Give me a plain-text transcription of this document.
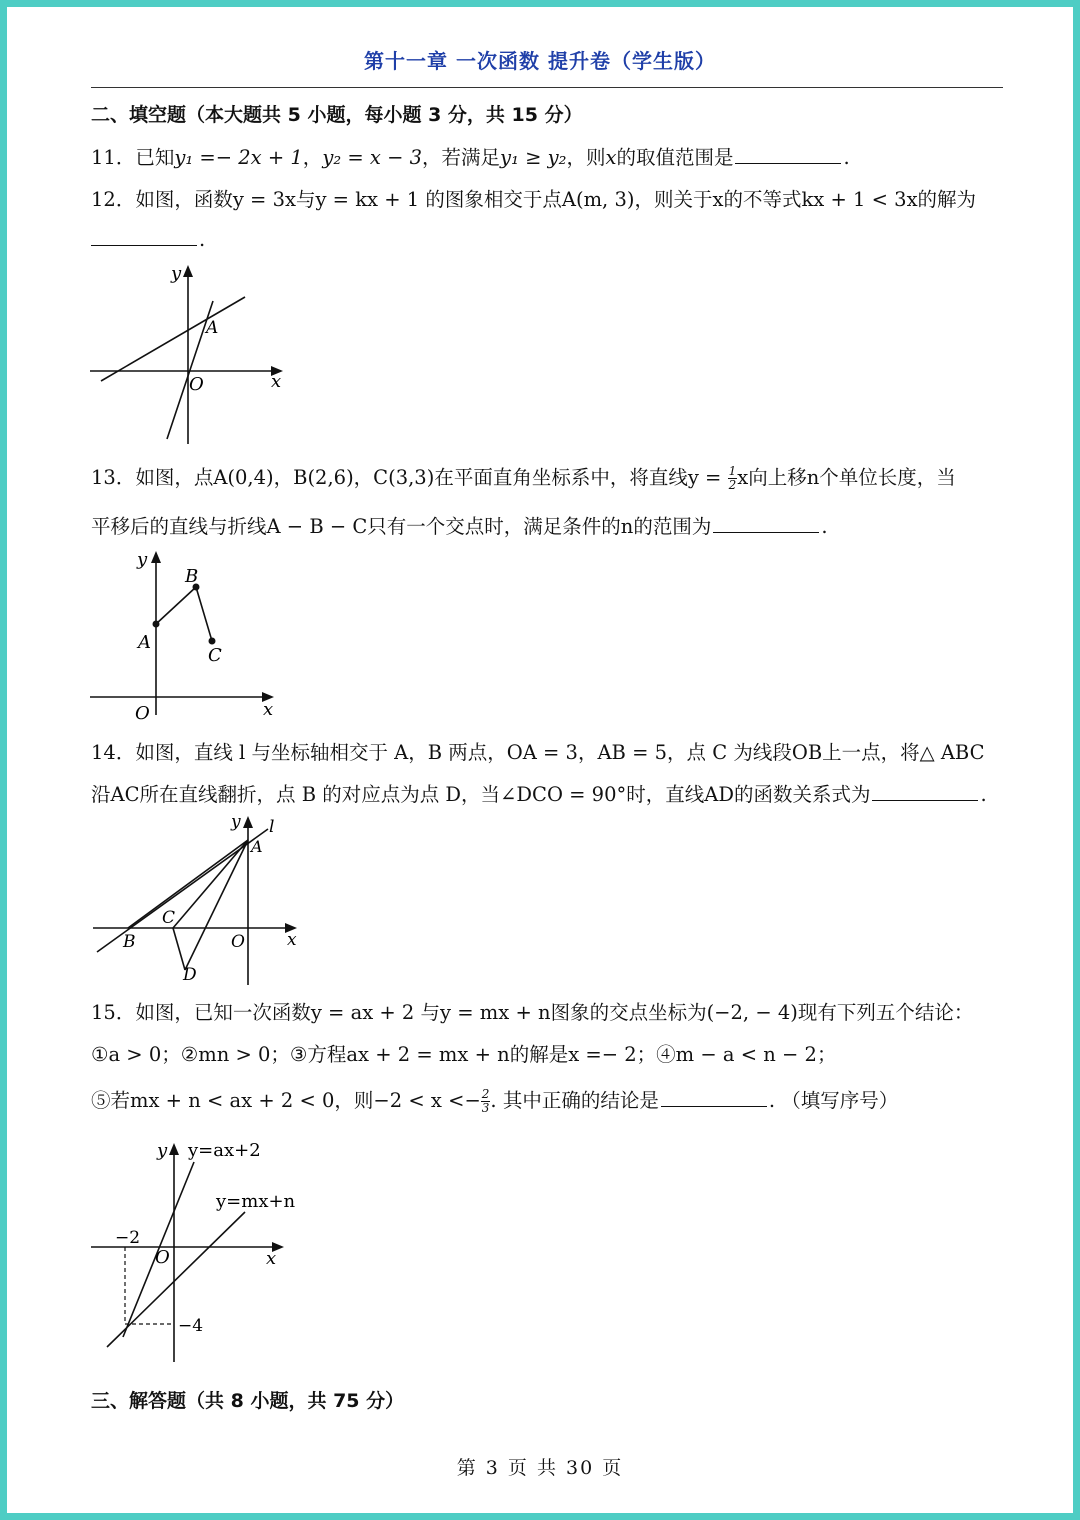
第十一章 一次函数 提升卷（学生版）
二、填空题（本大题共 5 小题，每小题 3 分，共 15 分）
11．已知y₁ =− 2x + 1，y₂ = x − 3，若满足y₁ ≥ y₂，则x的取值范围是	.
12．如图，函数y = 3x与y = kx + 1 的图象相交于点A(m, 3)，则关于x的不等式kx + 1 < 3x的解为
.
y
x
O
A
13．如图，点A(0,4)，B(2,6)，C(3,3)在平面直角坐标系中，将直线$y = \frac{1}{2}$ x向上移n个单位长度，当
平移后的直线与折线A − B − C只有一个交点时，满足条件的n的范围为	.
y
x
O
A
B
C
14．如图，直线 l 与坐标轴相交于 A，B 两点，OA = 3，AB = 5，点 C 为线段OB上一点，将△ ABC
沿AC所在直线翻折，点 B 的对应点为点 D，当∠DCO = 90°时，直线AD的函数关系式为	.
y l
A
C
B	O x
D
15．如图，已知一次函数y = ax + 2 与y = mx + n图象的交点坐标为(−2, − 4)现有下列五个结论：
①a > 0；②mn > 0；③方程ax + 2 = mx + n的解是x =− 2；④m − a < n − 2；
⑤若mx + n < ax + 2 < 0，则$-2 < x <- \frac{2}{3}$ . 其中正确的结论是	. （填写序号）
y y=ax+2
y=mx+n
−2
O	x
−4
三、解答题（共 8 小题，共 75 分）
第 3 页 共 30 页
